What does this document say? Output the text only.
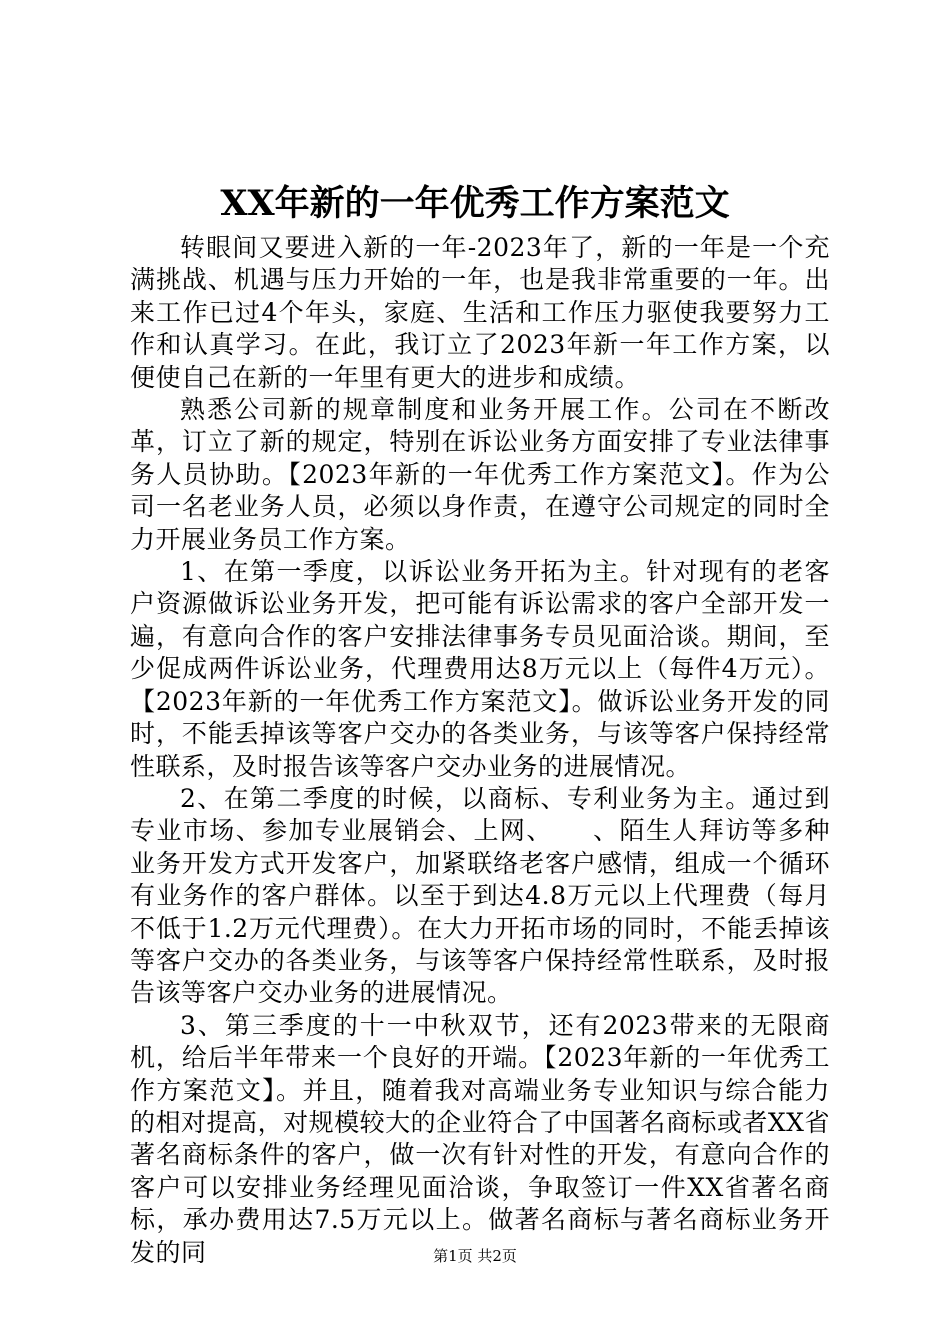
XX年新的一年优秀工作方案范文

转眼间又要进入新的一年-2023年了，新的一年是一个充满挑战、机遇与压力开始的一年，也是我非常重要的一年。出来工作已过4个年头，家庭、生活和工作压力驱使我要努力工作和认真学习。在此，我订立了2023年新一年工作方案，以便使自己在新的一年里有更大的进步和成绩。

熟悉公司新的规章制度和业务开展工作。公司在不断改革，订立了新的规定，特别在诉讼业务方面安排了专业法律事务人员协助。【2023年新的一年优秀工作方案范文】。作为公司一名老业务人员，必须以身作责，在遵守公司规定的同时全力开展业务员工作方案。

1、在第一季度，以诉讼业务开拓为主。针对现有的老客户资源做诉讼业务开发，把可能有诉讼需求的客户全部开发一遍，有意向合作的客户安排法律事务专员见面洽谈。期间，至少促成两件诉讼业务，代理费用达8万元以上（每件4万元）。【2023年新的一年优秀工作方案范文】。做诉讼业务开发的同时，不能丢掉该等客户交办的各类业务，与该等客户保持经常性联系，及时报告该等客户交办业务的进展情况。

2、在第二季度的时候，以商标、专利业务为主。通过到专业市场、参加专业展销会、上网、　　、陌生人拜访等多种业务开发方式开发客户，加紧联络老客户感情，组成一个循环有业务作的客户群体。以至于到达4.8万元以上代理费（每月不低于1.2万元代理费）。在大力开拓市场的同时，不能丢掉该等客户交办的各类业务，与该等客户保持经常性联系，及时报告该等客户交办业务的进展情况。

3、第三季度的十一中秋双节，还有2023带来的无限商机，给后半年带来一个良好的开端。【2023年新的一年优秀工作方案范文】。并且，随着我对高端业务专业知识与综合能力的相对提高，对规模较大的企业符合了中国著名商标或者XX省著名商标条件的客户，做一次有针对性的开发，有意向合作的客户可以安排业务经理见面洽谈，争取签订一件XX省著名商标，承办费用达7.5万元以上。做著名商标与著名商标业务开发的同	第1页 共2页
